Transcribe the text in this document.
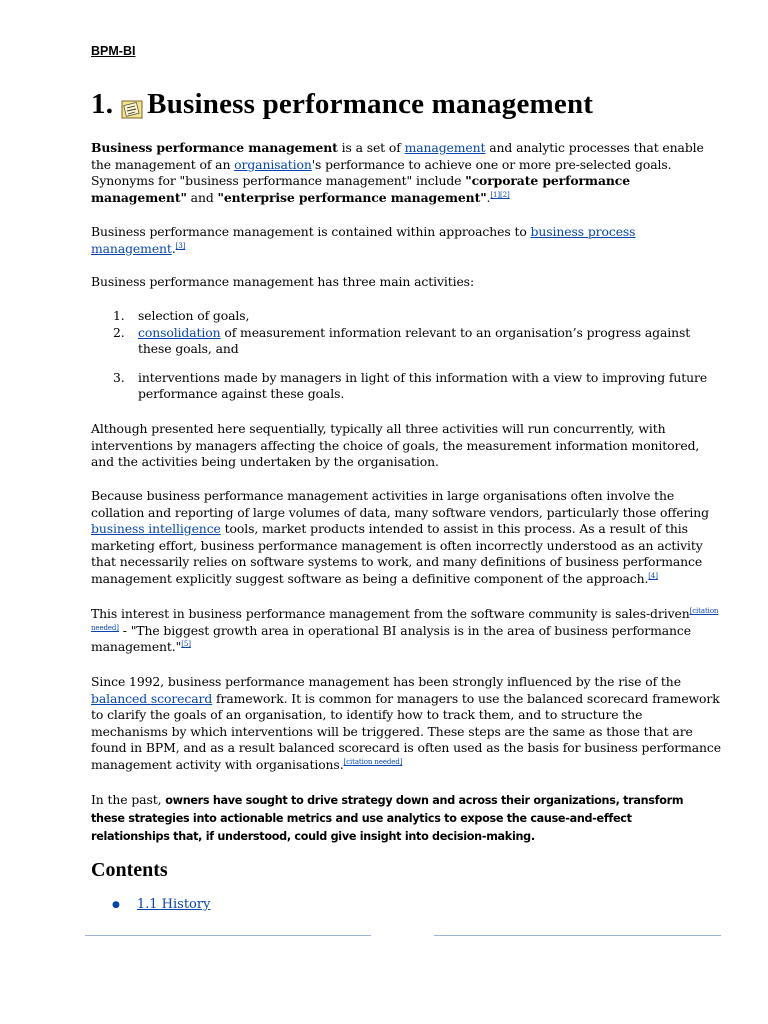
BPM-BI
1. Business performance management

Business performance management is a set of management and analytic processes that enable the management of an organisation's performance to achieve one or more pre-selected goals. Synonyms for "business performance management" include "corporate performance management" and "enterprise performance management".[1][2]

Business performance management is contained within approaches to business process management.[3]

Business performance management has three main activities:

1. selection of goals,
2. consolidation of measurement information relevant to an organisation’s progress against these goals, and
3. interventions made by managers in light of this information with a view to improving future performance against these goals.

Although presented here sequentially, typically all three activities will run concurrently, with interventions by managers affecting the choice of goals, the measurement information monitored, and the activities being undertaken by the organisation.

Because business performance management activities in large organisations often involve the collation and reporting of large volumes of data, many software vendors, particularly those offering business intelligence tools, market products intended to assist in this process. As a result of this marketing effort, business performance management is often incorrectly understood as an activity that necessarily relies on software systems to work, and many definitions of business performance management explicitly suggest software as being a definitive component of the approach.[4]

This interest in business performance management from the software community is sales-driven[citation needed] - "The biggest growth area in operational BI analysis is in the area of business performance management."[5]

Since 1992, business performance management has been strongly influenced by the rise of the balanced scorecard framework. It is common for managers to use the balanced scorecard framework to clarify the goals of an organisation, to identify how to track them, and to structure the mechanisms by which interventions will be triggered. These steps are the same as those that are found in BPM, and as a result balanced scorecard is often used as the basis for business performance management activity with organisations.[citation needed]

In the past, owners have sought to drive strategy down and across their organizations, transform these strategies into actionable metrics and use analytics to expose the cause-and-effect relationships that, if understood, could give insight into decision-making.
Contents
● 1.1 History
